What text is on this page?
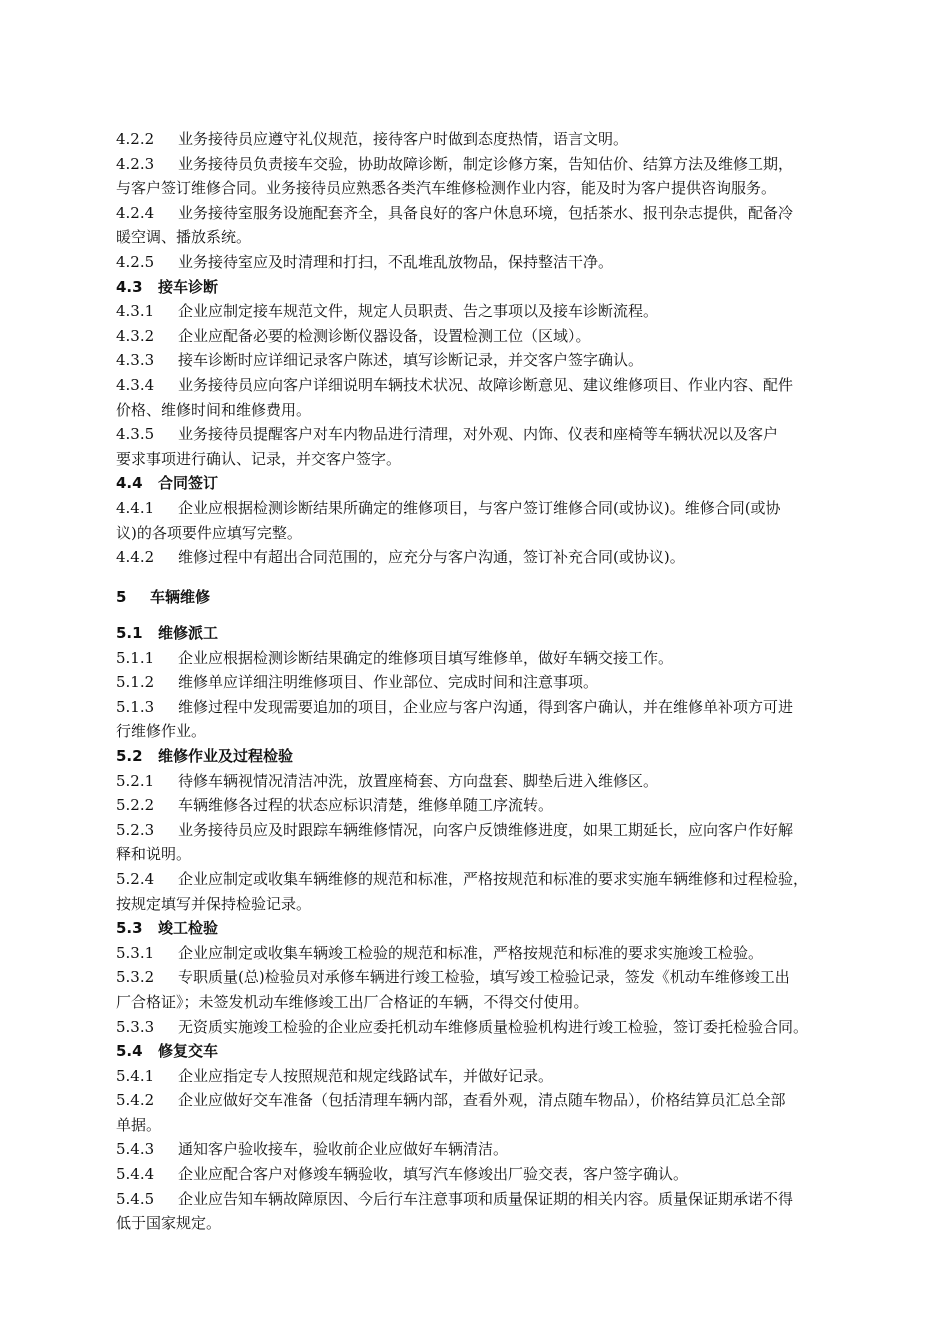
4.2.2 业务接待员应遵守礼仪规范，接待客户时做到态度热情，语言文明。
4.2.3 业务接待员负责接车交验，协助故障诊断，制定诊修方案，告知估价、结算方法及维修工期，
与客户签订维修合同。业务接待员应熟悉各类汽车维修检测作业内容，能及时为客户提供咨询服务。
4.2.4 业务接待室服务设施配套齐全，具备良好的客户休息环境，包括茶水、报刊杂志提供，配备冷
暖空调、播放系统。
4.2.5 业务接待室应及时清理和打扫，不乱堆乱放物品，保持整洁干净。
4.3 接车诊断
4.3.1 企业应制定接车规范文件，规定人员职责、告之事项以及接车诊断流程。
4.3.2 企业应配备必要的检测诊断仪器设备，设置检测工位（区域）。
4.3.3 接车诊断时应详细记录客户陈述，填写诊断记录，并交客户签字确认。
4.3.4 业务接待员应向客户详细说明车辆技术状况、故障诊断意见、建议维修项目、作业内容、配件
价格、维修时间和维修费用。
4.3.5 业务接待员提醒客户对车内物品进行清理，对外观、内饰、仪表和座椅等车辆状况以及客户
要求事项进行确认、记录，并交客户签字。
4.4 合同签订
4.4.1 企业应根据检测诊断结果所确定的维修项目，与客户签订维修合同(或协议)。维修合同(或协
议)的各项要件应填写完整。
4.4.2 维修过程中有超出合同范围的，应充分与客户沟通，签订补充合同(或协议)。
5 车辆维修
5.1 维修派工
5.1.1 企业应根据检测诊断结果确定的维修项目填写维修单，做好车辆交接工作。
5.1.2 维修单应详细注明维修项目、作业部位、完成时间和注意事项。
5.1.3 维修过程中发现需要追加的项目，企业应与客户沟通，得到客户确认，并在维修单补项方可进
行维修作业。
5.2 维修作业及过程检验
5.2.1 待修车辆视情况清洁冲洗，放置座椅套、方向盘套、脚垫后进入维修区。
5.2.2 车辆维修各过程的状态应标识清楚，维修单随工序流转。
5.2.3 业务接待员应及时跟踪车辆维修情况，向客户反馈维修进度，如果工期延长，应向客户作好解
释和说明。
5.2.4 企业应制定或收集车辆维修的规范和标准，严格按规范和标准的要求实施车辆维修和过程检验，
按规定填写并保持检验记录。
5.3 竣工检验
5.3.1 企业应制定或收集车辆竣工检验的规范和标准，严格按规范和标准的要求实施竣工检验。
5.3.2 专职质量(总)检验员对承修车辆进行竣工检验，填写竣工检验记录，签发《机动车维修竣工出
厂合格证》；未签发机动车维修竣工出厂合格证的车辆，不得交付使用。
5.3.3 无资质实施竣工检验的企业应委托机动车维修质量检验机构进行竣工检验，签订委托检验合同。
5.4 修复交车
5.4.1 企业应指定专人按照规范和规定线路试车，并做好记录。
5.4.2 企业应做好交车准备（包括清理车辆内部，查看外观，清点随车物品），价格结算员汇总全部
单据。
5.4.3 通知客户验收接车，验收前企业应做好车辆清洁。
5.4.4 企业应配合客户对修竣车辆验收，填写汽车修竣出厂验交表，客户签字确认。
5.4.5 企业应告知车辆故障原因、今后行车注意事项和质量保证期的相关内容。质量保证期承诺不得
低于国家规定。
